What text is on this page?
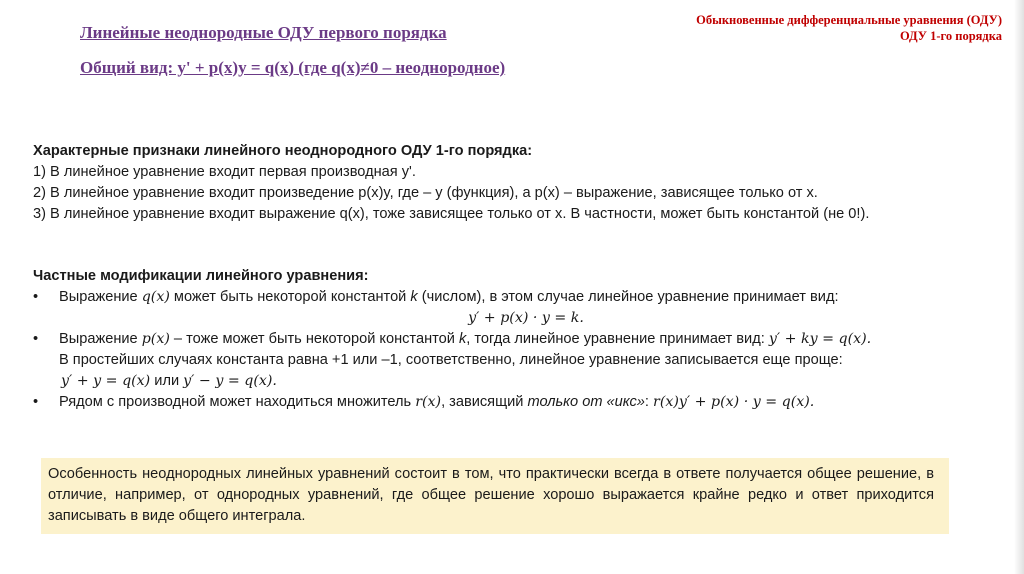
Обыкновенные дифференциальные уравнения (ОДУ)
ОДУ 1-го порядка
Линейные неоднородные ОДУ первого порядка
Общий вид: y' + p(x)y = q(x) (где q(x)≠0 – неоднородное)
Характерные признаки линейного неоднородного ОДУ 1-го порядка:
1) В линейное уравнение входит первая производная y'.
2) В линейное уравнение входит произведение p(x)y, где – y (функция), а p(x) – выражение, зависящее только от x.
3) В линейное уравнение входит выражение q(x), тоже зависящее только от x. В частности, может быть константой (не 0!).
Частные модификации линейного уравнения:
• Выражение q(x) может быть некоторой константой k (числом), в этом случае линейное уравнение принимает вид:
y′ + p(x) · y = k.
• Выражение p(x) – тоже может быть некоторой константой k, тогда линейное уравнение принимает вид: y′ + ky = q(x).
В простейших случаях константа равна +1 или –1, соответственно, линейное уравнение записывается еще проще:
y′ + y = q(x) или y′ − y = q(x).
• Рядом с производной может находиться множитель r(x), зависящий только от «икс»: r(x)y′ + p(x) · y = q(x).
Особенность неоднородных линейных уравнений состоит в том, что практически всегда в ответе получается общее решение, в отличие, например, от однородных уравнений, где общее решение хорошо выражается крайне редко и ответ приходится записывать в виде общего интеграла.
